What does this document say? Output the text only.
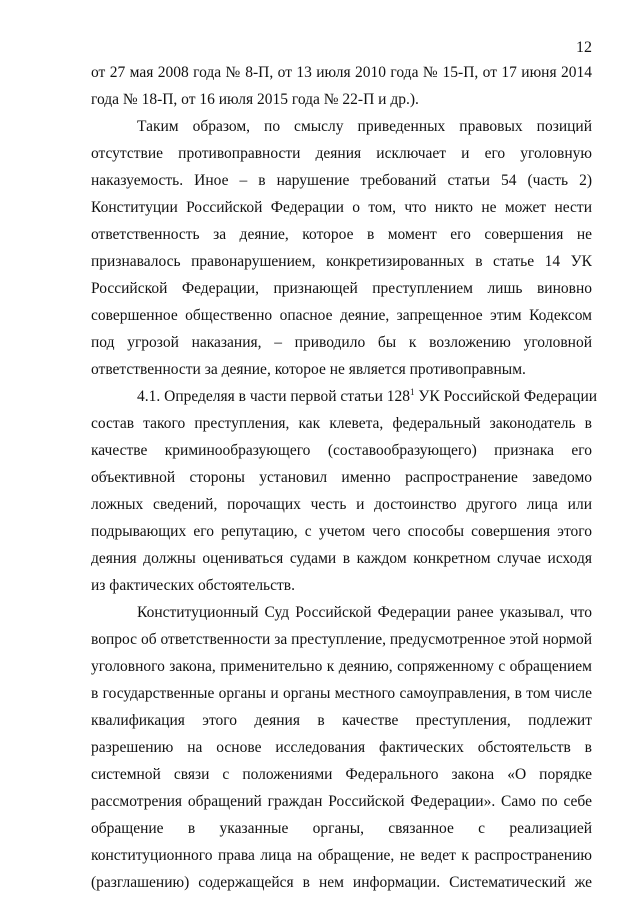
12
от 27 мая 2008 года № 8-П, от 13 июля 2010 года № 15-П, от 17 июня 2014
года № 18-П, от 16 июля 2015 года № 22-П и др.).
Таким образом, по смыслу приведенных правовых позиций
отсутствие противоправности деяния исключает и его уголовную
наказуемость. Иное – в нарушение требований статьи 54 (часть 2)
Конституции Российской Федерации о том, что никто не может нести
ответственность за деяние, которое в момент его совершения не
признавалось правонарушением, конкретизированных в статье 14 УК
Российской Федерации, признающей преступлением лишь виновно
совершенное общественно опасное деяние, запрещенное этим Кодексом
под угрозой наказания, – приводило бы к возложению уголовной
ответственности за деяние, которое не является противоправным.
4.1. Определяя в части первой статьи $128^1$ УК Российской Федерации
состав такого преступления, как клевета, федеральный законодатель в
качестве криминообразующего (составообразующего) признака его
объективной стороны установил именно распространение заведомо
ложных сведений, порочащих честь и достоинство другого лица или
подрывающих его репутацию, с учетом чего способы совершения этого
деяния должны оцениваться судами в каждом конкретном случае исходя
из фактических обстоятельств.
Конституционный Суд Российской Федерации ранее указывал, что
вопрос об ответственности за преступление, предусмотренное этой нормой
уголовного закона, применительно к деянию, сопряженному с обращением
в государственные органы и органы местного самоуправления, в том числе
квалификация этого деяния в качестве преступления, подлежит
разрешению на основе исследования фактических обстоятельств в
системной связи с положениями Федерального закона «О порядке
рассмотрения обращений граждан Российской Федерации». Само по себе
обращение в указанные органы, связанное с реализацией
конституционного права лица на обращение, не ведет к распространению
(разглашению) содержащейся в нем информации. Систематический же
